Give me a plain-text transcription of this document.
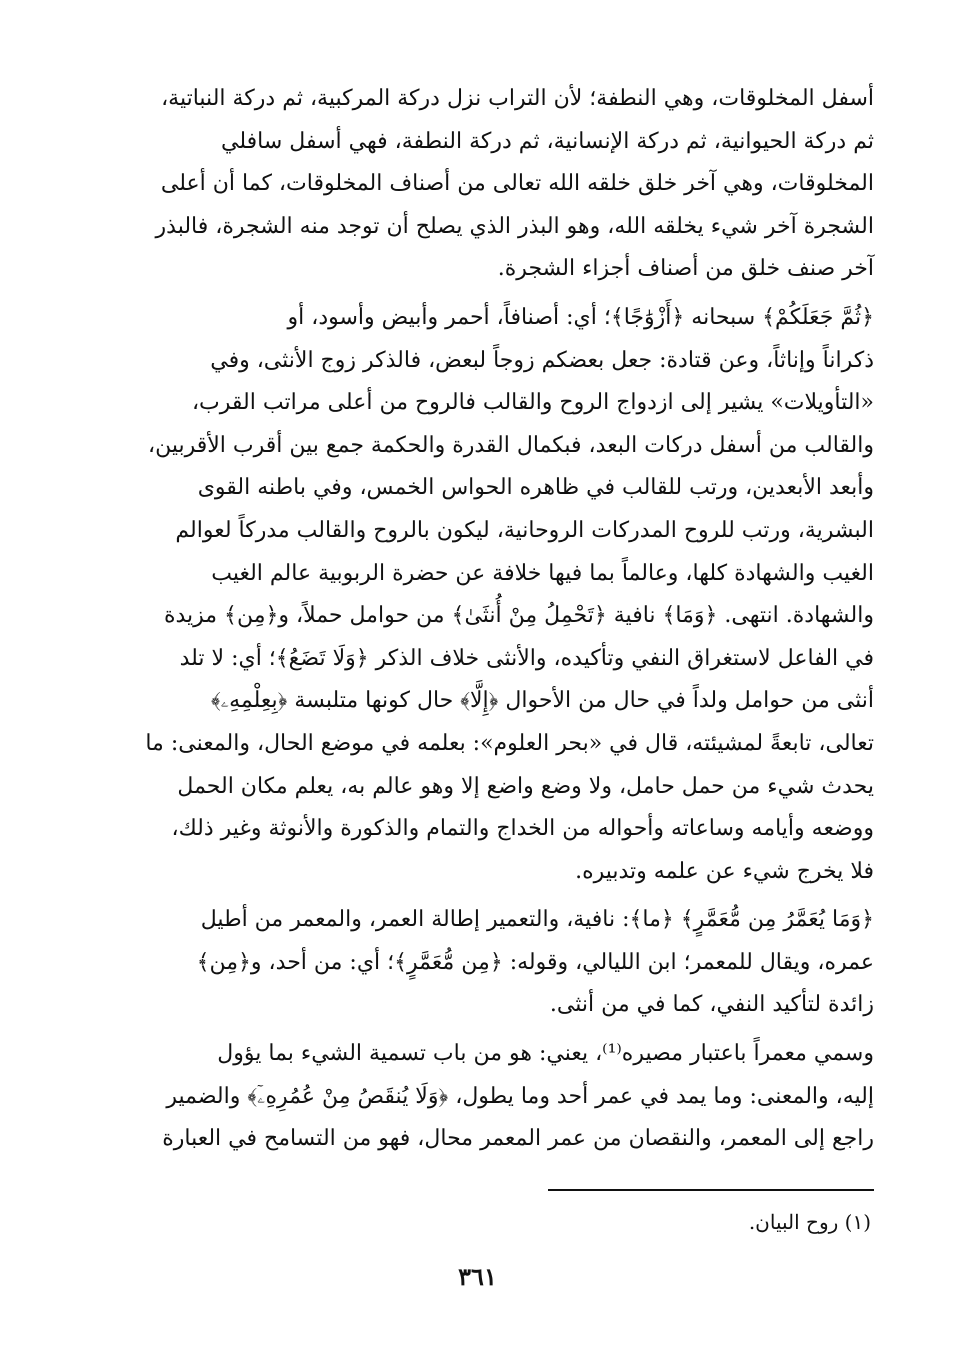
أسفل المخلوقات، وهي النطفة؛ لأن التراب نزل دركة المركبية، ثم دركة النباتية،
ثم دركة الحيوانية، ثم دركة الإنسانية، ثم دركة النطفة، فهي أسفل سافلي
المخلوقات، وهي آخر خلق خلقه الله تعالى من أصناف المخلوقات، كما أن أعلى
الشجرة آخر شيء يخلقه الله، وهو البذر الذي يصلح أن توجد منه الشجرة، فالبذر
آخر صنف خلق من أصناف أجزاء الشجرة.

﴿ثُمَّ جَعَلَكُمْ﴾ سبحانه ﴿أَزْوَٰجًا﴾؛ أي: أصنافاً، أحمر وأبيض وأسود، أو
ذكراناً وإناثاً، وعن قتادة: جعل بعضكم زوجاً لبعض، فالذكر زوج الأنثى، وفي
«التأويلات» يشير إلى ازدواج الروح والقالب فالروح من أعلى مراتب القرب،
والقالب من أسفل دركات البعد، فبكمال القدرة والحكمة جمع بين أقرب الأقربين،
وأبعد الأبعدين، ورتب للقالب في ظاهره الحواس الخمس، وفي باطنه القوى
البشرية، ورتب للروح المدركات الروحانية، ليكون بالروح والقالب مدركاً لعوالم
الغيب والشهادة كلها، وعالماً بما فيها خلافة عن حضرة الربوبية عالم الغيب
والشهادة. انتهى. ﴿وَمَا﴾ نافية ﴿تَحْمِلُ مِنْ أُنثَىٰ﴾ من حوامل حملاً، و﴿مِن﴾ مزيدة
في الفاعل لاستغراق النفي وتأكيده، والأنثى خلاف الذكر ﴿وَلَا تَضَعُ﴾؛ أي: لا تلد
أنثى من حوامل ولداً في حال من الأحوال ﴿إِلَّا﴾ حال كونها متلبسة ﴿بِعِلْمِهِۦ﴾
تعالى، تابعةً لمشيئته، قال في «بحر العلوم»: بعلمه في موضع الحال، والمعنى: ما
يحدث شيء من حمل حامل، ولا وضع واضع إلا وهو عالم به، يعلم مكان الحمل
ووضعه وأيامه وساعاته وأحواله من الخداج والتمام والذكورة والأنوثة وغير ذلك،
فلا يخرج شيء عن علمه وتدبيره.

﴿وَمَا يُعَمَّرُ مِن مُّعَمَّرٍ﴾ ﴿ما﴾: نافية، والتعمير إطالة العمر، والمعمر من أطيل
عمره، ويقال للمعمر؛ ابن الليالي، وقوله: ﴿مِن مُّعَمَّرٍ﴾؛ أي: من أحد، و﴿مِن﴾
زائدة لتأكيد النفي، كما في من أنثى.

وسمي معمراً باعتبار مصيره⁽¹⁾، يعني: هو من باب تسمية الشيء بما يؤول
إليه، والمعنى: وما يمد في عمر أحد وما يطول، ﴿وَلَا يُنقَصُ مِنْ عُمُرِهِۦٓ﴾ والضمير
راجع إلى المعمر، والنقصان من عمر المعمر محال، فهو من التسامح في العبارة

(١) روح البيان.
٣٦١
